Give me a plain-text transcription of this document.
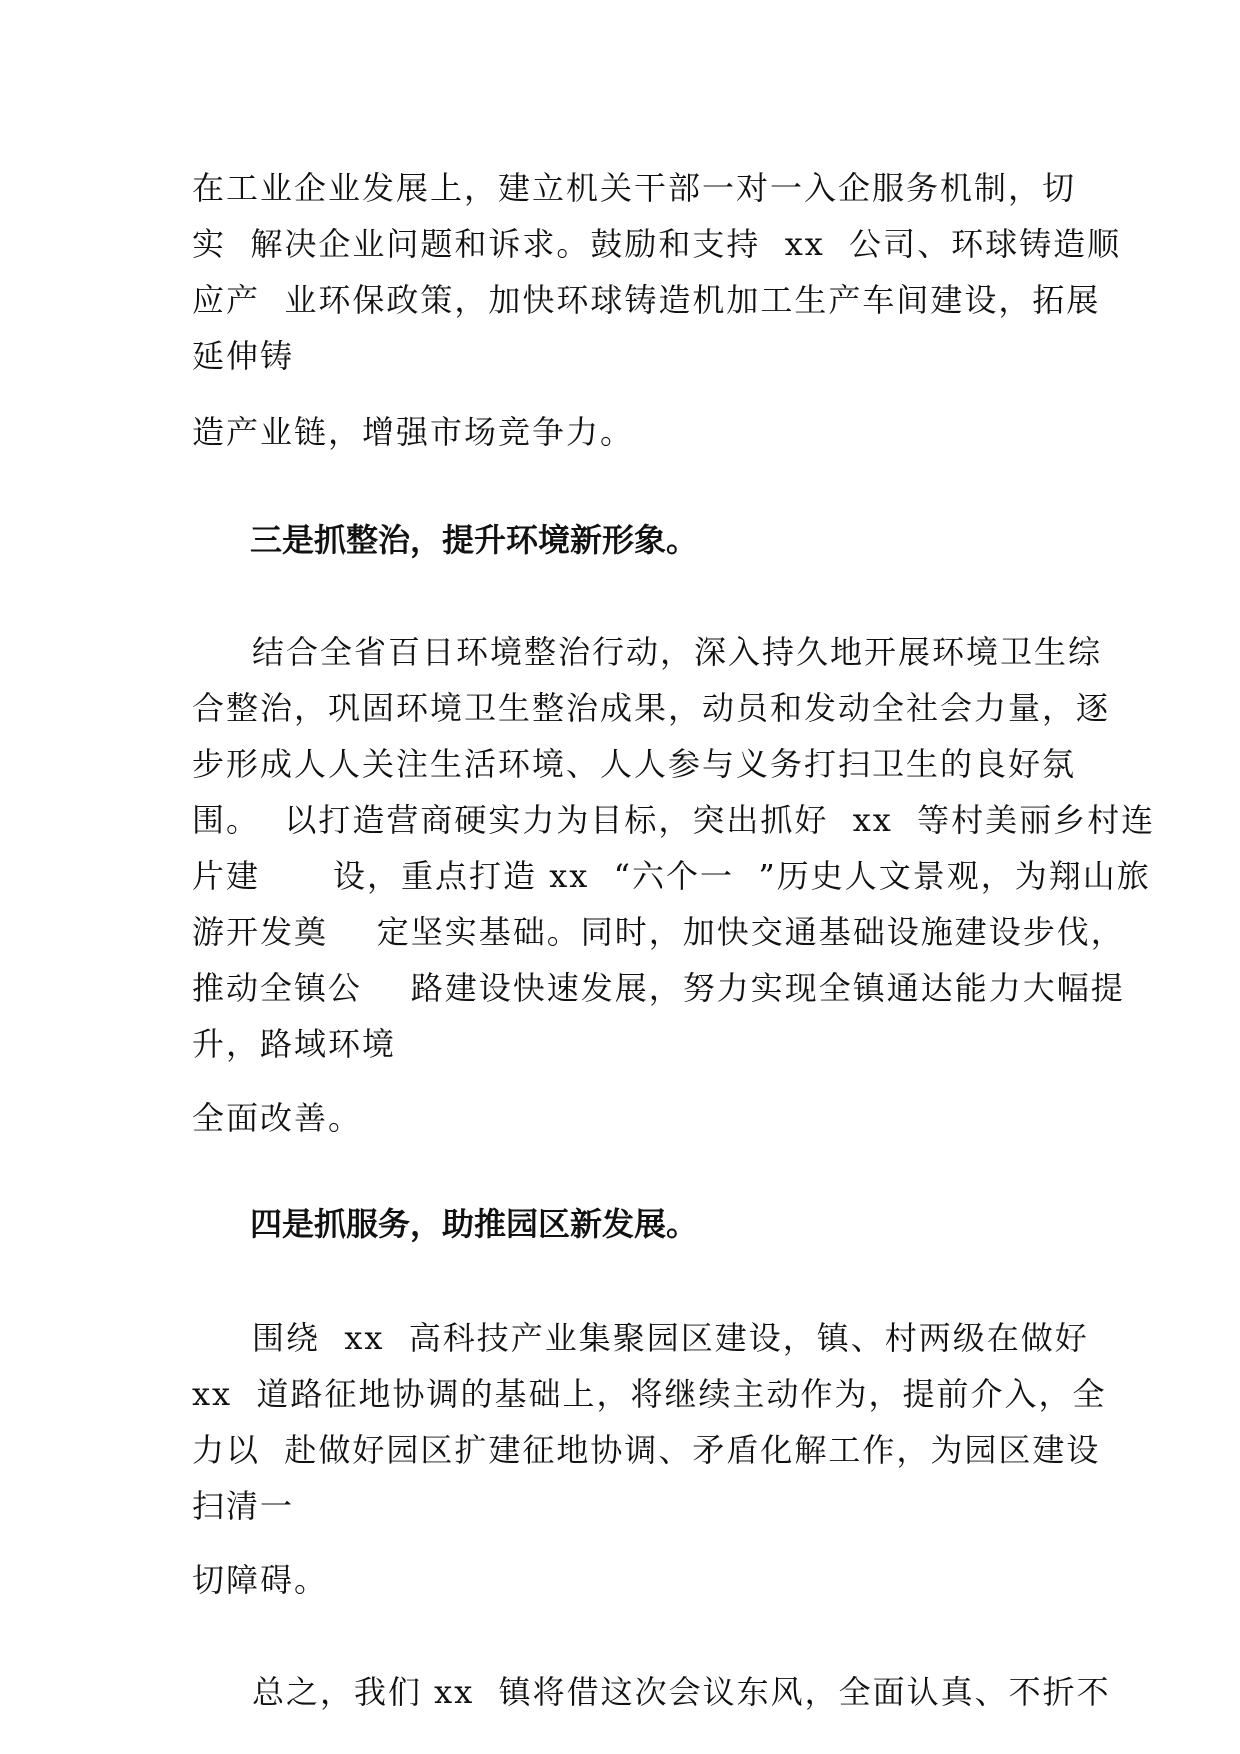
在工业企业发展上，建立机关干部一对一入企服务机制，切
实  解决企业问题和诉求。鼓励和支持  xx  公司、环球铸造顺
应产  业环保政策，加快环球铸造机加工生产车间建设，拓展
延伸铸
造产业链，增强市场竞争力。
三是抓整治，提升环境新形象。
结合全省百日环境整治行动，深入持久地开展环境卫生综
合整治，巩固环境卫生整治成果，动员和发动全社会力量，逐
步形成人人关注生活环境、人人参与义务打扫卫生的良好氛
围。  以打造营商硬实力为目标，突出抓好  xx  等村美丽乡村连
片建      设，重点打造 xx  “六个一  ”历史人文景观，为翔山旅
游开发奠    定坚实基础。同时，加快交通基础设施建设步伐，
推动全镇公    路建设快速发展，努力实现全镇通达能力大幅提
升，路域环境
全面改善。
四是抓服务，助推园区新发展。
围绕  xx  高科技产业集聚园区建设，镇、村两级在做好
xx  道路征地协调的基础上，将继续主动作为，提前介入，全
力以  赴做好园区扩建征地协调、矛盾化解工作，为园区建设
扫清一
切障碍。
总之，我们 xx  镇将借这次会议东风，全面认真、不折不
